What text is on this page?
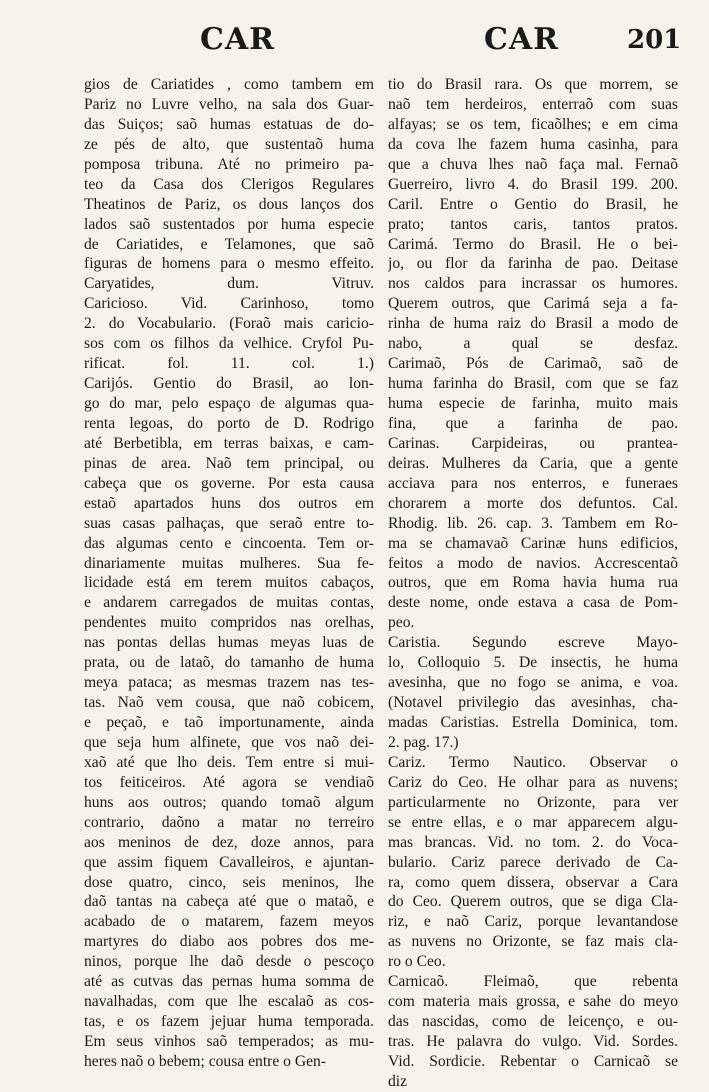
CAR	CAR	201
gios de Cariatides , como tambem em
Pariz no Luvre velho, na sala dos Guar-
das Suiços; saõ humas estatuas de do-
ze pés de alto, que sustentaõ huma
pomposa tribuna. Até no primeiro pa-
teo da Casa dos Clerigos Regulares
Theatinos de Pariz, os dous lanços dos
lados saõ sustentados por huma especie
de Cariatides, e Telamones, que saõ
figuras de homens para o mesmo effeito.
Caryatides, dum. Vitruv.
Caricioso. Vid. Carinhoso, tomo
2. do Vocabulario. (Foraõ mais caricio-
sos com os filhos da velhice. Cryfol Pu-
rificat. fol. 11. col. 1.)
Carijós. Gentio do Brasil, ao lon-
go do mar, pelo espaço de algumas qua-
renta legoas, do porto de D. Rodrigo
até Berbetibla, em terras baixas, e cam-
pinas de area. Naõ tem principal, ou
cabeça que os governe. Por esta causa
estaõ apartados huns dos outros em
suas casas palhaças, que seraõ entre to-
das algumas cento e cincoenta. Tem or-
dinariamente muitas mulheres. Sua fe-
licidade está em terem muitos cabaços,
e andarem carregados de muitas contas,
pendentes muito compridos nas orelhas,
nas pontas dellas humas meyas luas de
prata, ou de lataõ, do tamanho de huma
meya pataca; as mesmas trazem nas tes-
tas. Naõ vem cousa, que naõ cobicem,
e peçaõ, e taõ importunamente, ainda
que seja hum alfinete, que vos naõ dei-
xaõ até que lho deis. Tem entre si mui-
tos feiticeiros. Até agora se vendiaõ
huns aos outros; quando tomaõ algum
contrario, daõno a matar no terreiro
aos meninos de dez, doze annos, para
que assim fiquem Cavalleiros, e ajuntan-
dose quatro, cinco, seis meninos, lhe
daõ tantas na cabeça até que o mataõ, e
acabado de o matarem, fazem meyos
martyres do diabo aos pobres dos me-
ninos, porque lhe daõ desde o pescoço
até as cutvas das pernas huma somma de
navalhadas, com que lhe escalaõ as cos-
tas, e os fazem jejuar huma temporada.
Em seus vinhos saõ temperados; as mu-
heres naõ o bebem; cousa entre o Gen-
tio do Brasil rara. Os que morrem, se
naõ tem herdeiros, enterraõ com suas
alfayas; se os tem, ficaõlhes; e em cima
da cova lhe fazem huma casinha, para
que a chuva lhes naõ faça mal. Fernaõ
Guerreiro, livro 4. do Brasil 199. 200.
Caril. Entre o Gentio do Brasil, he
prato; tantos caris, tantos pratos.
Carimá. Termo do Brasil. He o bei-
jo, ou flor da farinha de pao. Deitase
nos caldos para incrassar os humores.
Querem outros, que Carimá seja a fa-
rinha de huma raiz do Brasil a modo de
nabo, a qual se desfaz.
Carimaõ, Pós de Carimaõ, saõ de
huma farinha do Brasil, com que se faz
huma especie de farinha, muito mais
fina, que a farinha de pao.
Carinas. Carpideiras, ou prantea-
deiras. Mulheres da Caria, que a gente
acciava para nos enterros, e funeraes
chorarem a morte dos defuntos. Cal.
Rhodig. lib. 26. cap. 3. Tambem em Ro-
ma se chamavaõ Carinæ huns edificios,
feitos a modo de navios. Accrescentaõ
outros, que em Roma havia huma rua
deste nome, onde estava a casa de Pom-
peo.
Caristia. Segundo escreve Mayo-
lo, Colloquio 5. De insectis, he huma
avesinha, que no fogo se anima, e voa.
(Notavel privilegio das avesinhas, cha-
madas Caristias. Estrella Dominica, tom.
2. pag. 17.)
Cariz. Termo Nautico. Observar o
Cariz do Ceo. He olhar para as nuvens;
particularmente no Orizonte, para ver
se entre ellas, e o mar apparecem algu-
mas brancas. Vid. no tom. 2. do Voca-
bulario. Cariz parece derivado de Ca-
ra, como quem dissera, observar a Cara
do Ceo. Querem outros, que se diga Cla-
riz, e naõ Cariz, porque levantandose
as nuvens no Orizonte, se faz mais cla-
ro o Ceo.
Carnicaõ. Fleimaõ, que rebenta
com materia mais grossa, e sahe do meyo
das nascidas, como de leicenço, e ou-
tras. He palavra do vulgo. Vid. Sordes.
Vid. Sordicie. Rebentar o Carnicaõ se
diz
